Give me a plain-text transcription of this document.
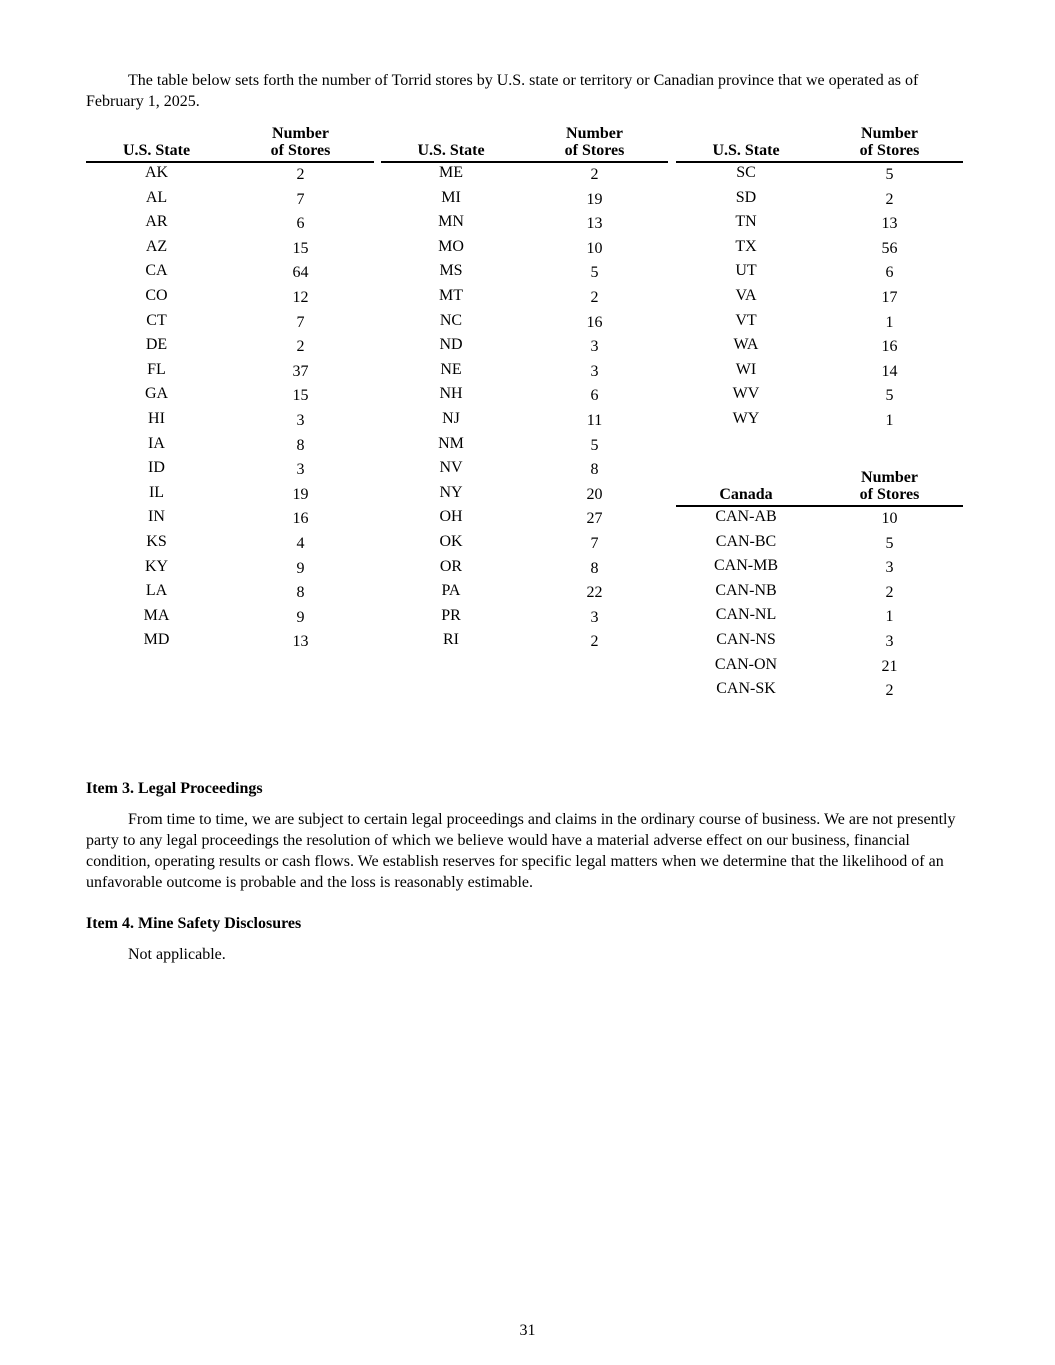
The table below sets forth the number of Torrid stores by U.S. state or territory or Canadian province that we operated as of February 1, 2025.

U.S. State	Number
of Stores
AK	2
AL	7
AR	6
AZ	15
CA	64
CO	12
CT	7
DE	2
FL	37
GA	15
HI	3
IA	8
ID	3
IL	19
IN	16
KS	4
KY	9
LA	8
MA	9
MD	13
U.S. State	Number
of Stores
ME	2
MI	19
MN	13
MO	10
MS	5
MT	2
NC	16
ND	3
NE	3
NH	6
NJ	11
NM	5
NV	8
NY	20
OH	27
OK	7
OR	8
PA	22
PR	3
RI	2
U.S. State	Number
of Stores
SC	5
SD	2
TN	13
TX	56
UT	6
VA	17
VT	1
WA	16
WI	14
WV	5
WY	1
Canada	Number
of Stores
CAN-AB	10
CAN-BC	5
CAN-MB	3
CAN-NB	2
CAN-NL	1
CAN-NS	3
CAN-ON	21
CAN-SK	2
Item 3. Legal Proceedings

From time to time, we are subject to certain legal proceedings and claims in the ordinary course of business. We are not presently party to any legal proceedings the resolution of which we believe would have a material adverse effect on our business, financial condition, operating results or cash flows. We establish reserves for specific legal matters when we determine that the likelihood of an unfavorable outcome is probable and the loss is reasonably estimable.

Item 4. Mine Safety Disclosures

Not applicable.

31
